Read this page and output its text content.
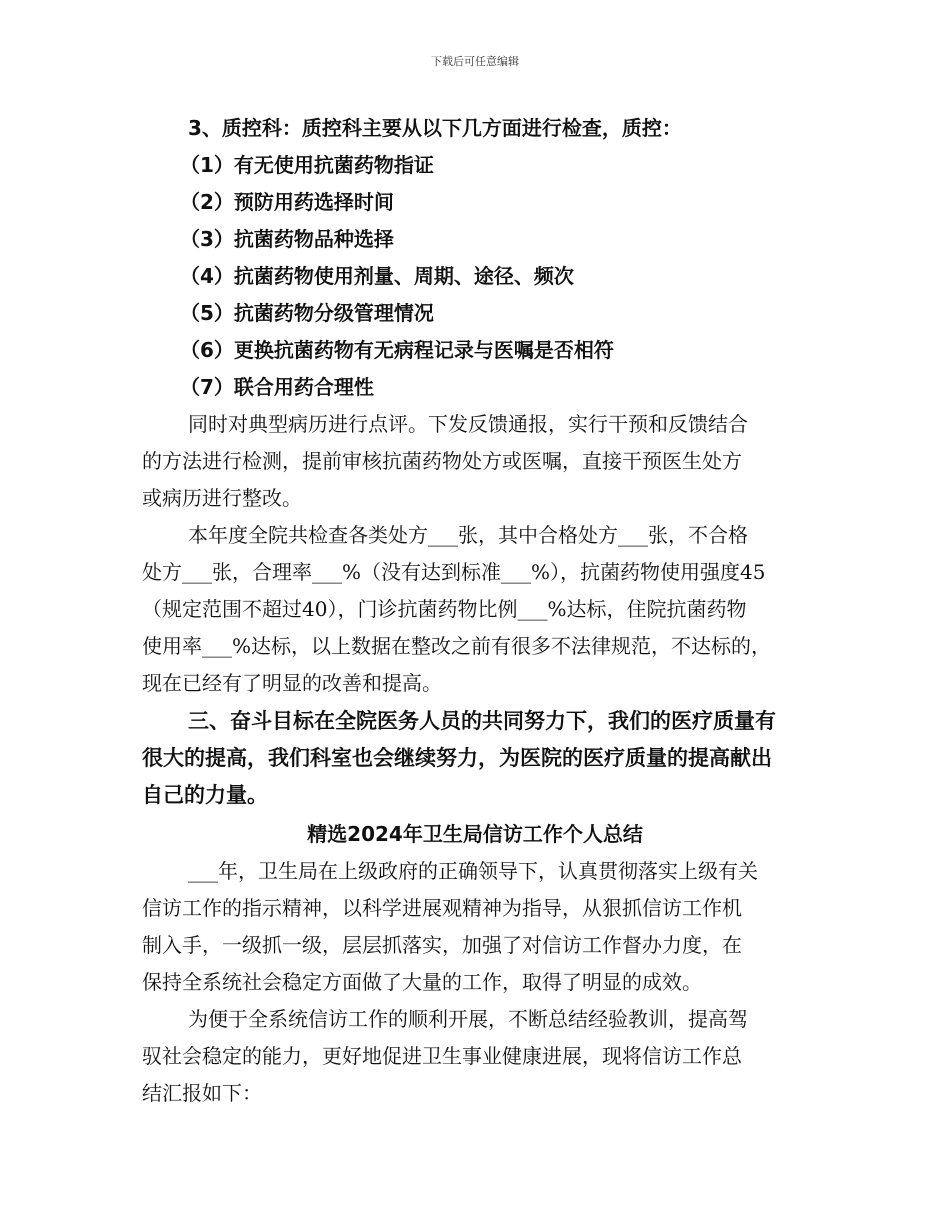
下载后可任意编辑
3、质控科：质控科主要从以下几方面进行检查，质控：
（1）有无使用抗菌药物指证
（2）预防用药选择时间
（3）抗菌药物品种选择
（4）抗菌药物使用剂量、周期、途径、频次
（5）抗菌药物分级管理情况
（6）更换抗菌药物有无病程记录与医嘱是否相符
（7）联合用药合理性
同时对典型病历进行点评。下发反馈通报，实行干预和反馈结合
的方法进行检测，提前审核抗菌药物处方或医嘱，直接干预医生处方
或病历进行整改。
本年度全院共检查各类处方___张，其中合格处方___张，不合格
处方___张，合理率___%（没有达到标准___%），抗菌药物使用强度45
（规定范围不超过40），门诊抗菌药物比例___%达标，住院抗菌药物
使用率___%达标，以上数据在整改之前有很多不法律规范，不达标的，
现在已经有了明显的改善和提高。
三、奋斗目标在全院医务人员的共同努力下，我们的医疗质量有
很大的提高，我们科室也会继续努力，为医院的医疗质量的提高献出
自己的力量。
精选2024年卫生局信访工作个人总结
___年，卫生局在上级政府的正确领导下，认真贯彻落实上级有关
信访工作的指示精神，以科学进展观精神为指导，从狠抓信访工作机
制入手，一级抓一级，层层抓落实，加强了对信访工作督办力度，在
保持全系统社会稳定方面做了大量的工作，取得了明显的成效。
为便于全系统信访工作的顺利开展，不断总结经验教训，提高驾
驭社会稳定的能力，更好地促进卫生事业健康进展，现将信访工作总
结汇报如下：
